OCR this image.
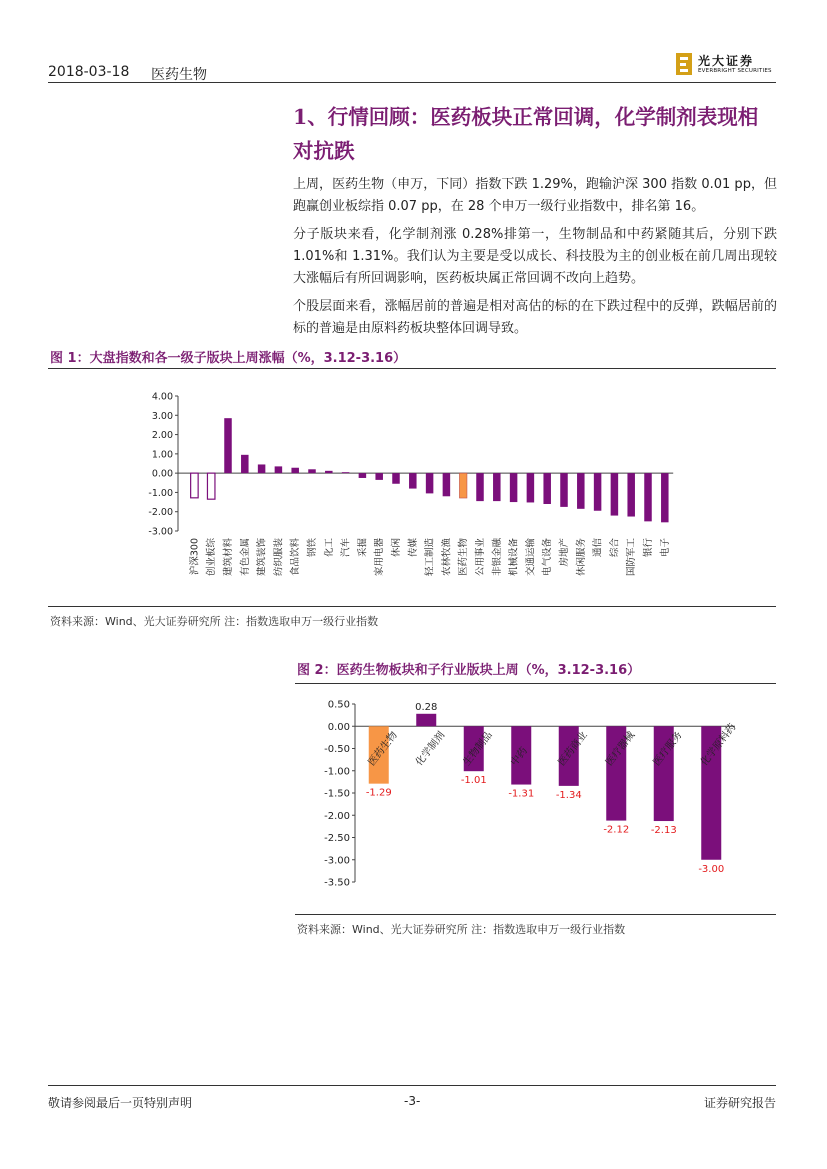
2018-03-18 医药生物
光大证券
EVERBRIGHT SECURITIES
1、行情回顾：医药板块正常回调，化学制剂表现相对抗跌
上周，医药生物（申万，下同）指数下跌 1.29%，跑输沪深 300 指数 0.01 pp，但跑赢创业板综指 0.07 pp，在 28 个申万一级行业指数中，排名第 16。
分子版块来看，化学制剂涨 0.28%排第一，生物制品和中药紧随其后，分别下跌 1.01%和 1.31%。我们认为主要是受以成长、科技股为主的创业板在前几周出现较大涨幅后有所回调影响，医药板块属正常回调不改向上趋势。
个股层面来看，涨幅居前的普遍是相对高估的标的在下跌过程中的反弹，跌幅居前的标的普遍是由原料药板块整体回调导致。
图 1：大盘指数和各一级子版块上周涨幅（%，3.12-3.16）
4.00
3.00
2.00
1.00
0.00
-1.00
-2.00
-3.00
沪深300 创业板综 建筑材料 有色金属 建筑装饰 纺织服装 食品饮料 钢铁 化工 汽车 采掘 家用电器 休闲 传媒 轻工制造 农林牧渔 医药生物 公用事业 非银金融 机械设备 交通运输 电气设备 房地产 休闲服务 通信 综合 国防军工 银行 电子
资料来源：Wind、光大证券研究所 注：指数选取申万一级行业指数
图 2：医药生物板块和子行业版块上周（%，3.12-3.16）
0.50
0.00
-0.50
-1.00
-1.50
-2.00
-2.50
-3.00
-3.50
-1.29
医药生物
0.28
化学制剂
-1.01
生物制品
-1.31
中药
-1.34
医药商业
-2.12
医疗器械
-2.13
医疗服务
-3.00
化学原料药
资料来源：Wind、光大证券研究所 注：指数选取申万一级行业指数
敬请参阅最后一页特别声明	-3-	证券研究报告
